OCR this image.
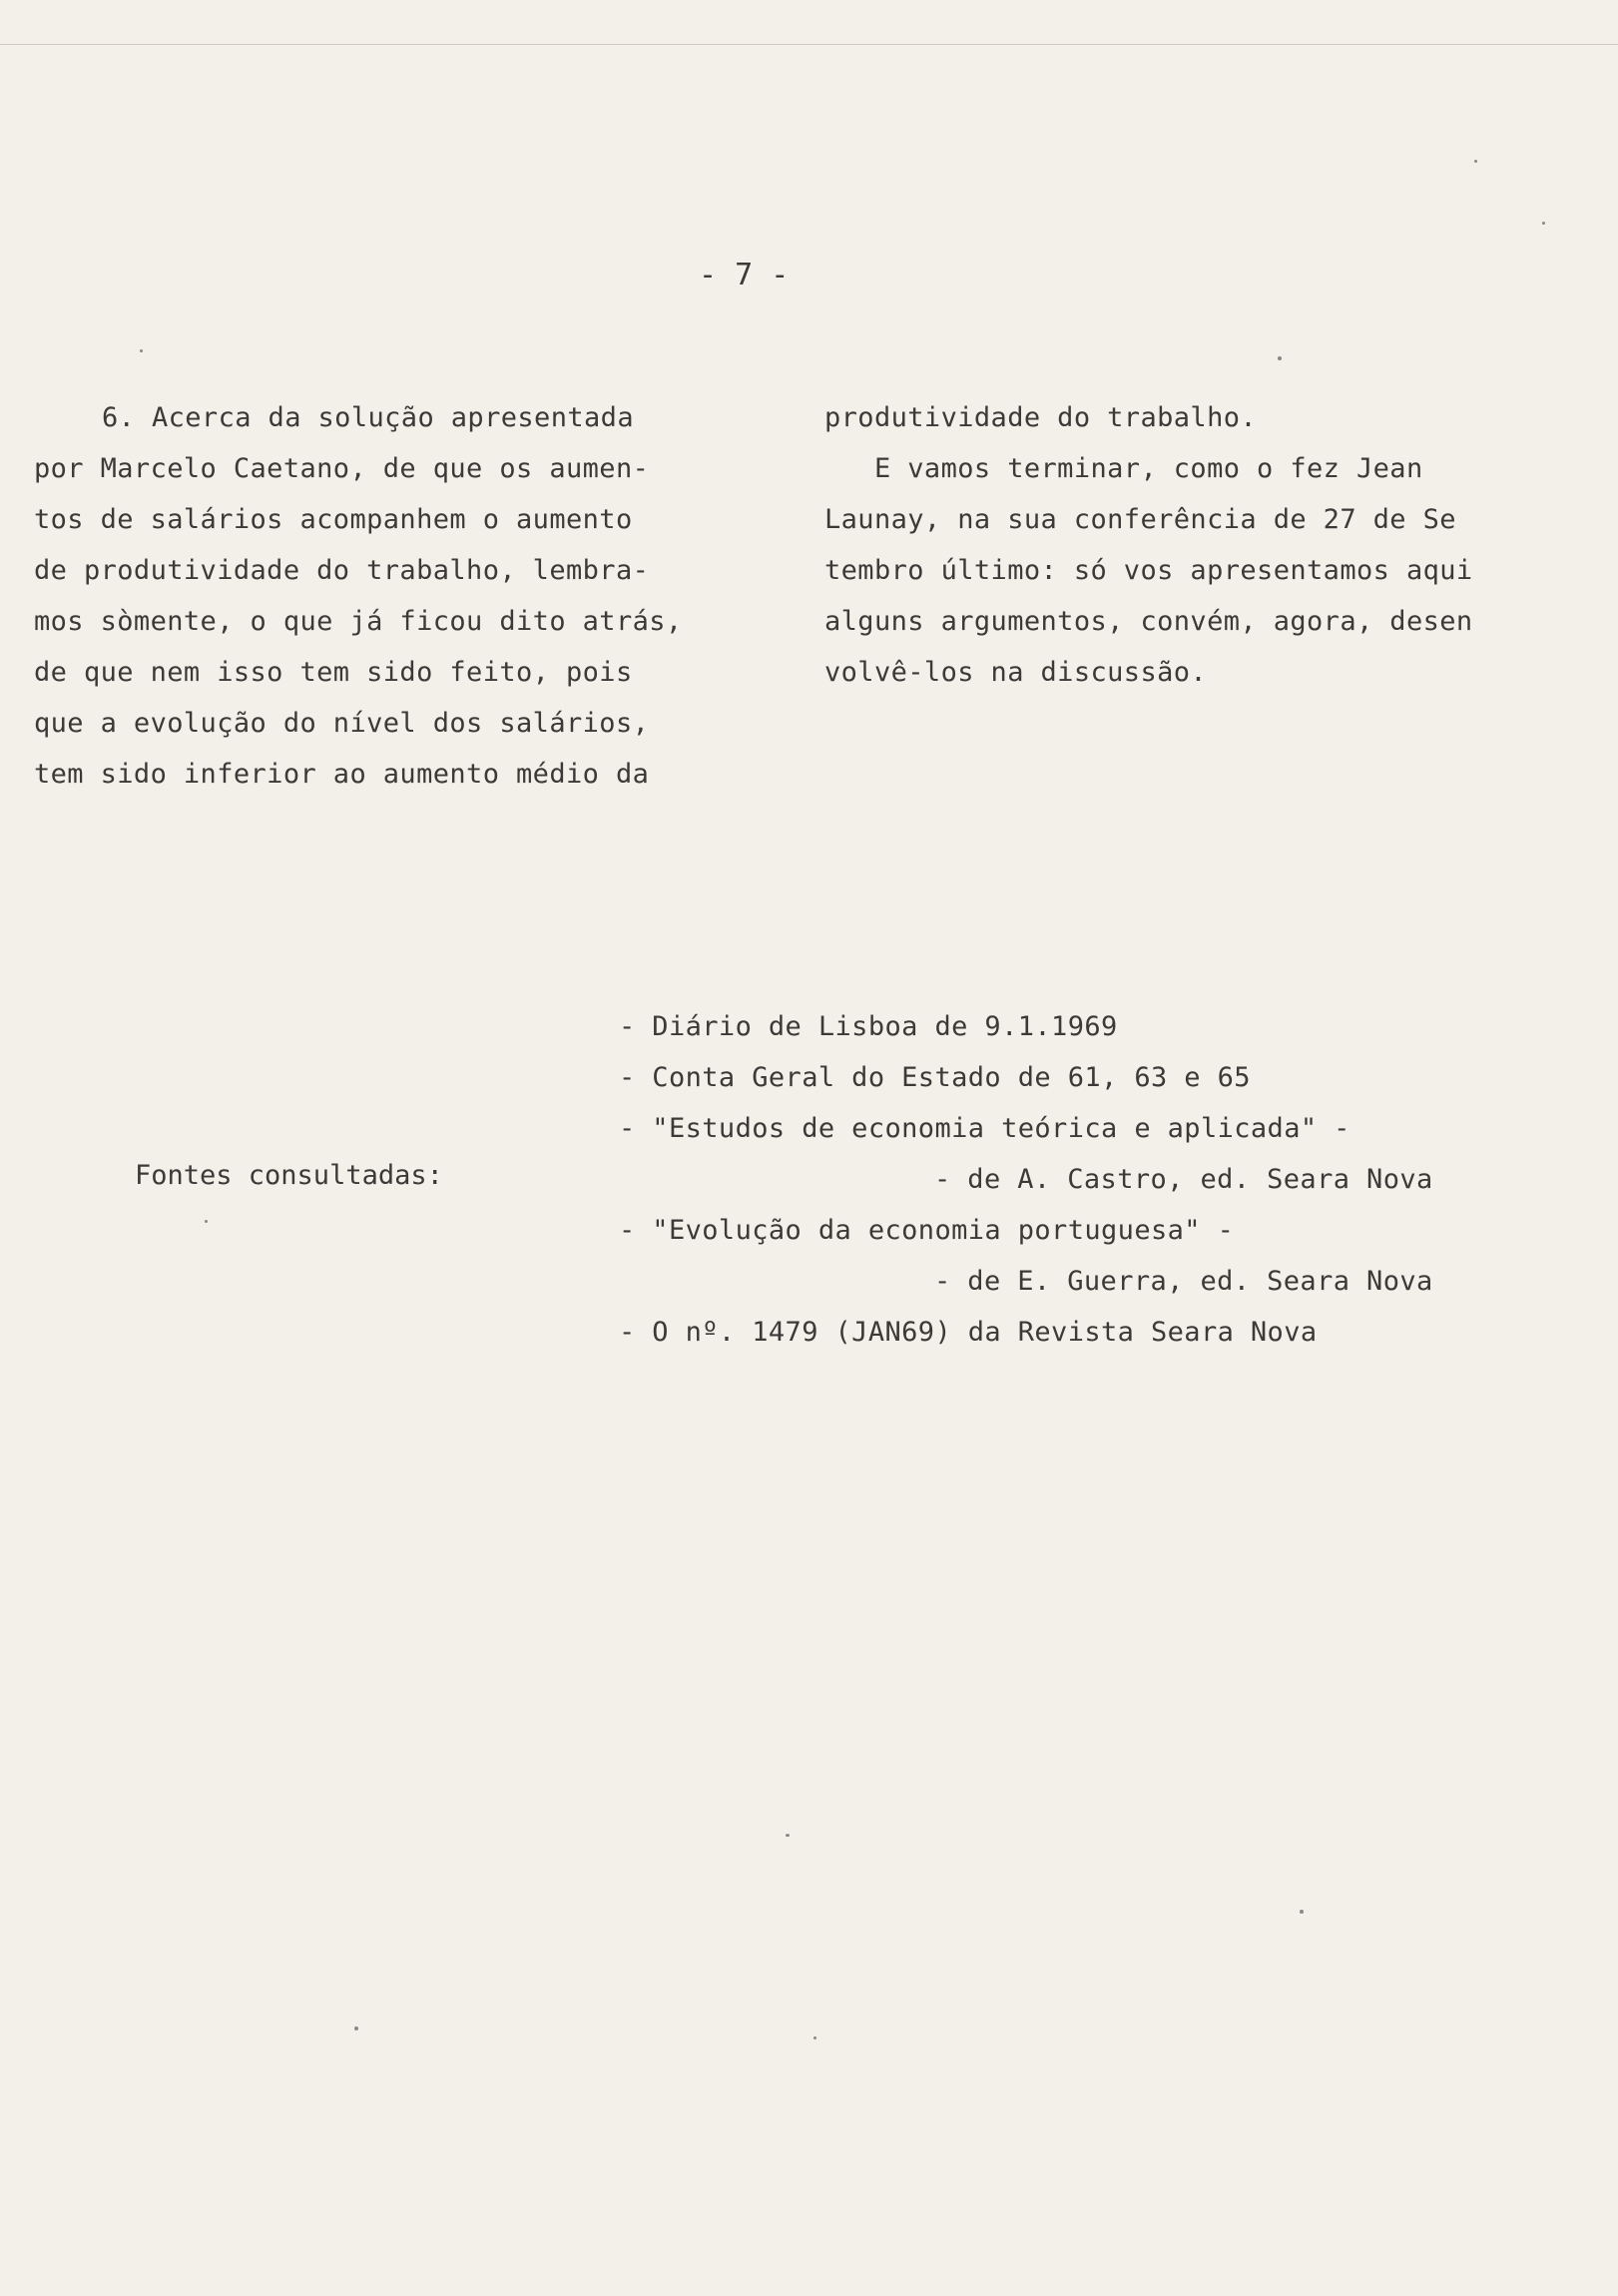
- 7 -
6. Acerca da solução apresentada
por Marcelo Caetano, de que os aumen-
tos de salários acompanhem o aumento
de produtividade do trabalho, lembra-
mos sòmente, o que já ficou dito atrás,
de que nem isso tem sido feito, pois
que a evolução do nível dos salários,
tem sido inferior ao aumento médio da
produtividade do trabalho.
E vamos terminar, como o fez Jean
Launay, na sua conferência de 27 de Se
tembro último: só vos apresentamos aqui
alguns argumentos, convém, agora, desen
volvê-los na discussão.
Fontes consultadas:
- Diário de Lisboa de 9.1.1969
- Conta Geral do Estado de 61, 63 e 65
- "Estudos de economia teórica e aplicada" -
- de A. Castro, ed. Seara Nova
- "Evolução da economia portuguesa" -
- de E. Guerra, ed. Seara Nova
- O nº. 1479 (JAN69) da Revista Seara Nova
